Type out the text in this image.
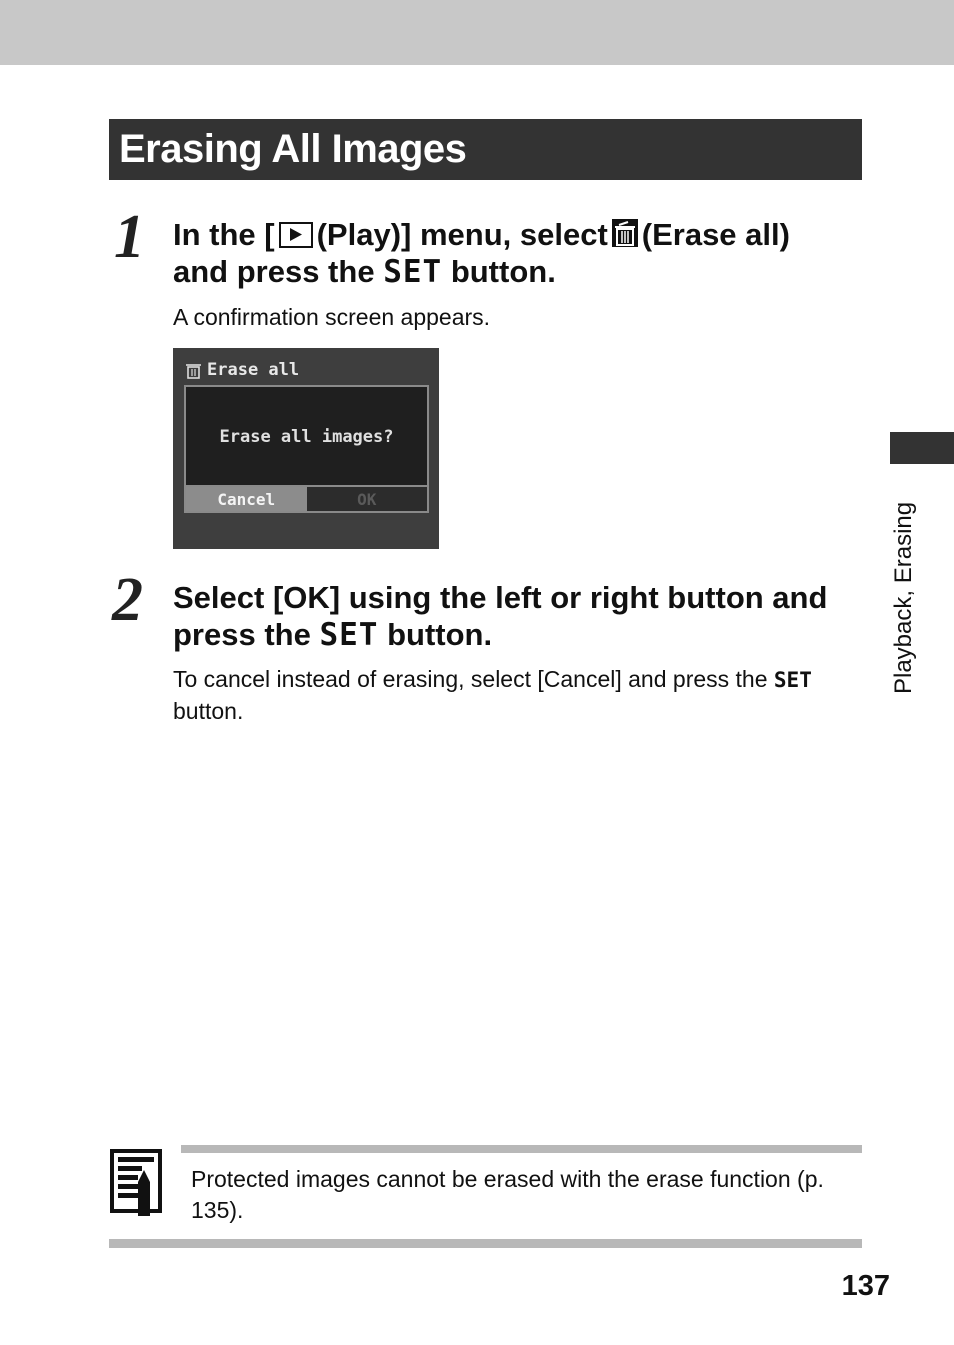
Erasing All Images
1 In the [ (Play)] menu, select (Erase all) and press the SET button.

A confirmation screen appears.

Erase all
Erase all images?
Cancel	OK
2 Select [OK] using the left or right button and press the SET button.

To cancel instead of erasing, select [Cancel] and press the SET button.

Playback, Erasing

Protected images cannot be erased with the erase function (p. 135).

137
